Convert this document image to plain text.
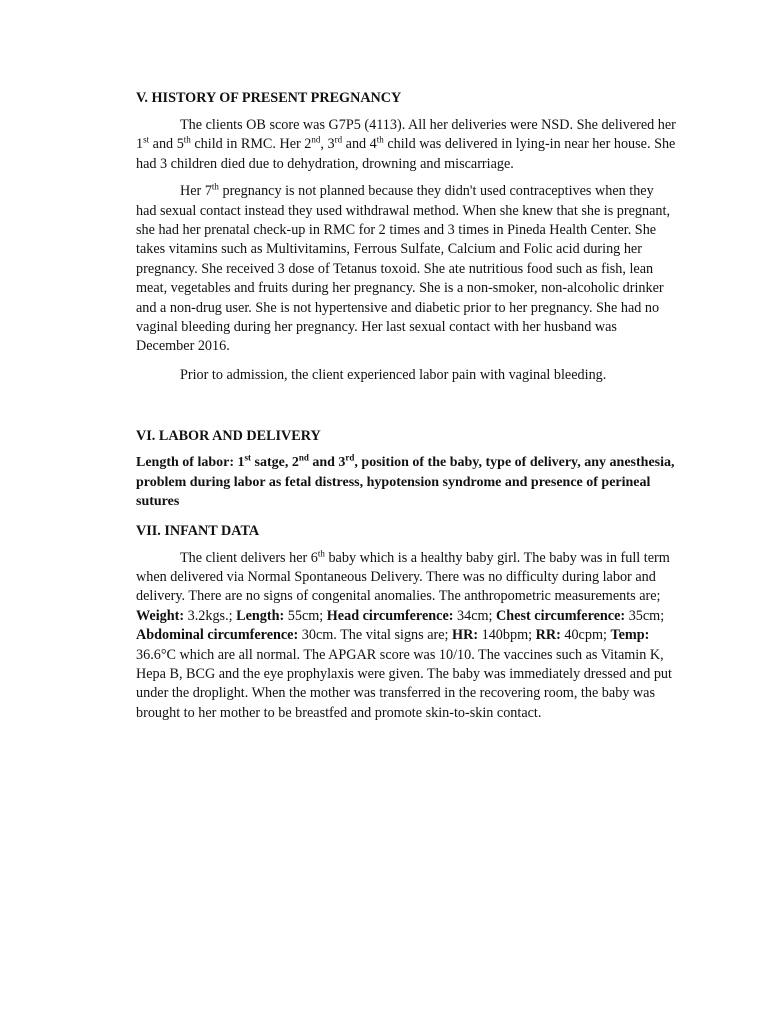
V. HISTORY OF PRESENT PREGNANCY

The clients OB score was G7P5 (4113). All her deliveries were NSD. She delivered her 1st and 5th child in RMC. Her 2nd, 3rd and 4th child was delivered in lying-in near her house. She had 3 children died due to dehydration, drowning and miscarriage.

Her 7th pregnancy is not planned because they didn't used contraceptives when they had sexual contact instead they used withdrawal method. When she knew that she is pregnant, she had her prenatal check-up in RMC for 2 times and 3 times in Pineda Health Center. She takes vitamins such as Multivitamins, Ferrous Sulfate, Calcium and Folic acid during her pregnancy. She received 3 dose of Tetanus toxoid. She ate nutritious food such as fish, lean meat, vegetables and fruits during her pregnancy. She is a non-smoker, non-alcoholic drinker and a non-drug user. She is not hypertensive and diabetic prior to her pregnancy. She had no vaginal bleeding during her pregnancy. Her last sexual contact with her husband was December 2016.

Prior to admission, the client experienced labor pain with vaginal bleeding.

VI. LABOR AND DELIVERY

Length of labor: 1st satge, 2nd and 3rd, position of the baby, type of delivery, any anesthesia, problem during labor as fetal distress, hypotension syndrome and presence of perineal sutures

VII. INFANT DATA

The client delivers her 6th baby which is a healthy baby girl. The baby was in full term when delivered via Normal Spontaneous Delivery. There was no difficulty during labor and delivery. There are no signs of congenital anomalies. The anthropometric measurements are; Weight: 3.2kgs.; Length: 55cm; Head circumference: 34cm; Chest circumference: 35cm; Abdominal circumference: 30cm. The vital signs are; HR: 140bpm; RR: 40cpm; Temp: 36.6°C which are all normal. The APGAR score was 10/10. The vaccines such as Vitamin K, Hepa B, BCG and the eye prophylaxis were given. The baby was immediately dressed and put under the droplight. When the mother was transferred in the recovering room, the baby was brought to her mother to be breastfed and promote skin-to-skin contact.
